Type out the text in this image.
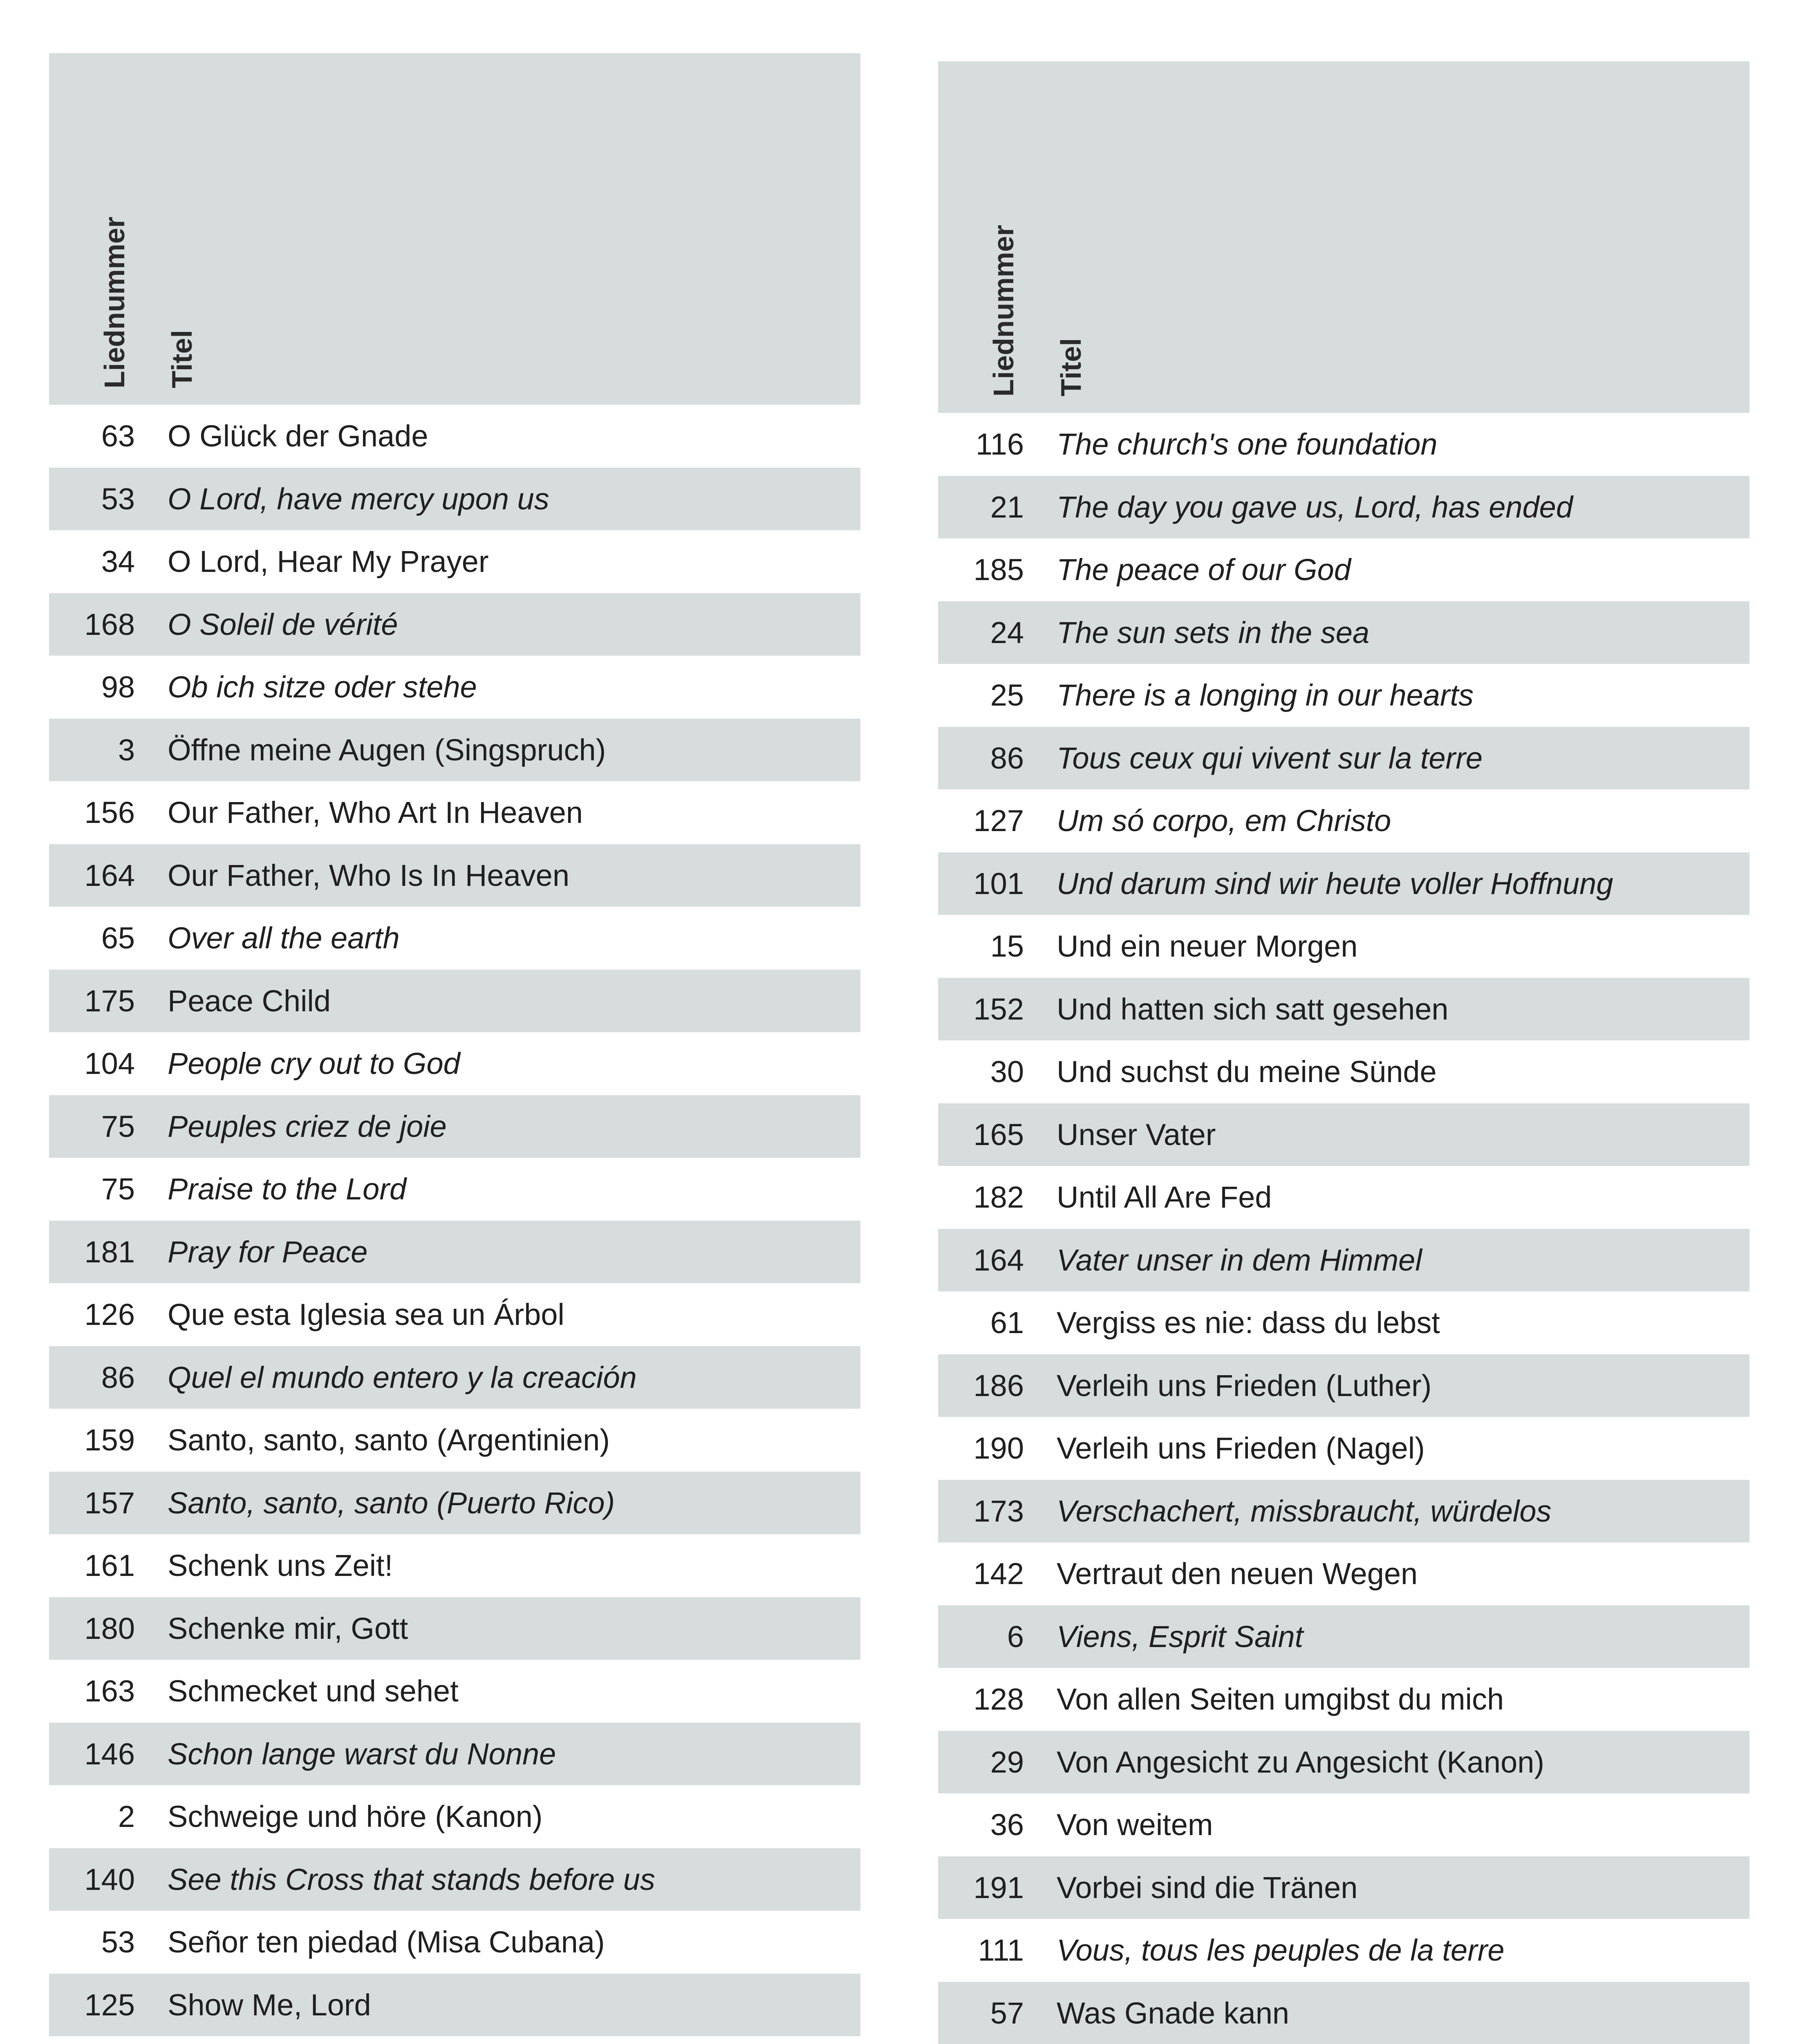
Liednummer Titel
63	O Glück der Gnade
53	O Lord, have mercy upon us
34	O Lord, Hear My Prayer
168	O Soleil de vérité
98	Ob ich sitze oder stehe
3	Öffne meine Augen (Singspruch)
156	Our Father, Who Art In Heaven
164	Our Father, Who Is In Heaven
65	Over all the earth
175	Peace Child
104	People cry out to God
75	Peuples criez de joie
75	Praise to the Lord
181	Pray for Peace
126	Que esta Iglesia sea un Árbol
86	Quel el mundo entero y la creación
159	Santo, santo, santo (Argentinien)
157	Santo, santo, santo (Puerto Rico)
161	Schenk uns Zeit!
180	Schenke mir, Gott
163	Schmecket und sehet
146	Schon lange warst du Nonne
2	Schweige und höre (Kanon)
140	See this Cross that stands before us
53	Señor ten piedad (Misa Cubana)
125	Show Me, Lord
Liednummer Titel
116	The church's one foundation
21	The day you gave us, Lord, has ended
185	The peace of our God
24	The sun sets in the sea
25	There is a longing in our hearts
86	Tous ceux qui vivent sur la terre
127	Um só corpo, em Christo
101	Und darum sind wir heute voller Hoffnung
15	Und ein neuer Morgen
152	Und hatten sich satt gesehen
30	Und suchst du meine Sünde
165	Unser Vater
182	Until All Are Fed
164	Vater unser in dem Himmel
61	Vergiss es nie: dass du lebst
186	Verleih uns Frieden (Luther)
190	Verleih uns Frieden (Nagel)
173	Verschachert, missbraucht, würdelos
142	Vertraut den neuen Wegen
6	Viens, Esprit Saint
128	Von allen Seiten umgibst du mich
29	Von Angesicht zu Angesicht (Kanon)
36	Von weitem
191	Vorbei sind die Tränen
111	Vous, tous les peuples de la terre
57	Was Gnade kann
